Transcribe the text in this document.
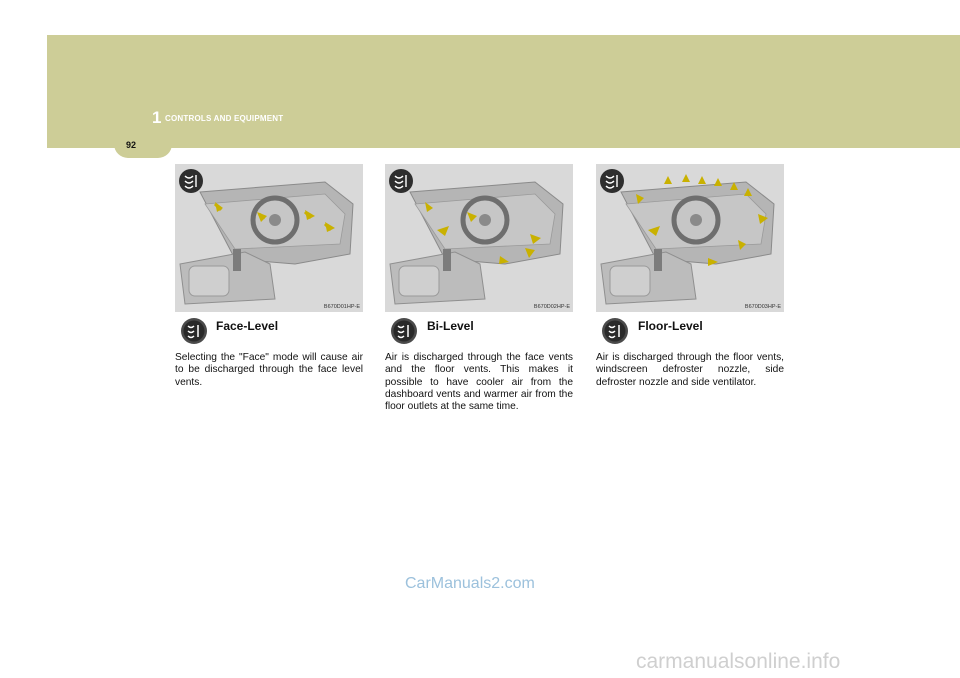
1 CONTROLS AND EQUIPMENT
92
B670D01HP-E
Face-Level
Selecting the "Face" mode will cause air to be discharged through the face level vents.
B670D02HP-E
Bi-Level
Air is discharged through the face vents and the floor vents. This makes it possible to have cooler air from the dashboard vents and warmer air from the floor outlets at the same time.
B670D03HP-E
Floor-Level
Air is discharged through the floor vents, windscreen defroster nozzle, side defroster nozzle and side ventilator.
CarManuals2.com
carmanualsonline.info
